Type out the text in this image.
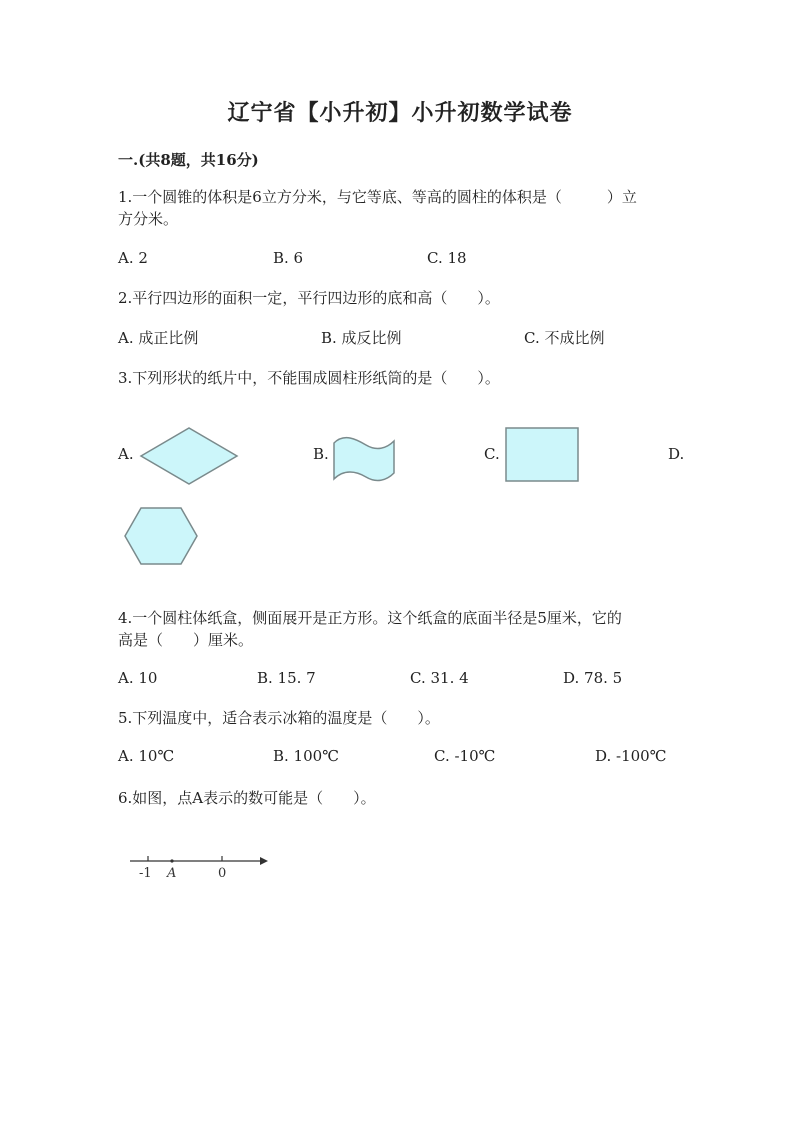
辽宁省【小升初】小升初数学试卷
一.(共8题，共16分)
1.一个圆锥的体积是6立方分米，与它等底、等高的圆柱的体积是（　　　）立
方分米。
A. 2	B. 6	C. 18
2.平行四边形的面积一定，平行四边形的底和高（　　）。
A. 成正比例	B. 成反比例	C. 不成比例
3.下列形状的纸片中，不能围成圆柱形纸筒的是（　　）。
A.	B.	C.	D.
4.一个圆柱体纸盒，侧面展开是正方形。这个纸盒的底面半径是5厘米，它的
高是（　　）厘米。
A. 10	B. 15. 7	C. 31. 4	D. 78. 5
5.下列温度中，适合表示冰箱的温度是（　　）。
A. 10℃	B. 100℃	C. -10℃	D. -100℃
6.如图，点A表示的数可能是（　　）。
-1 A	0
